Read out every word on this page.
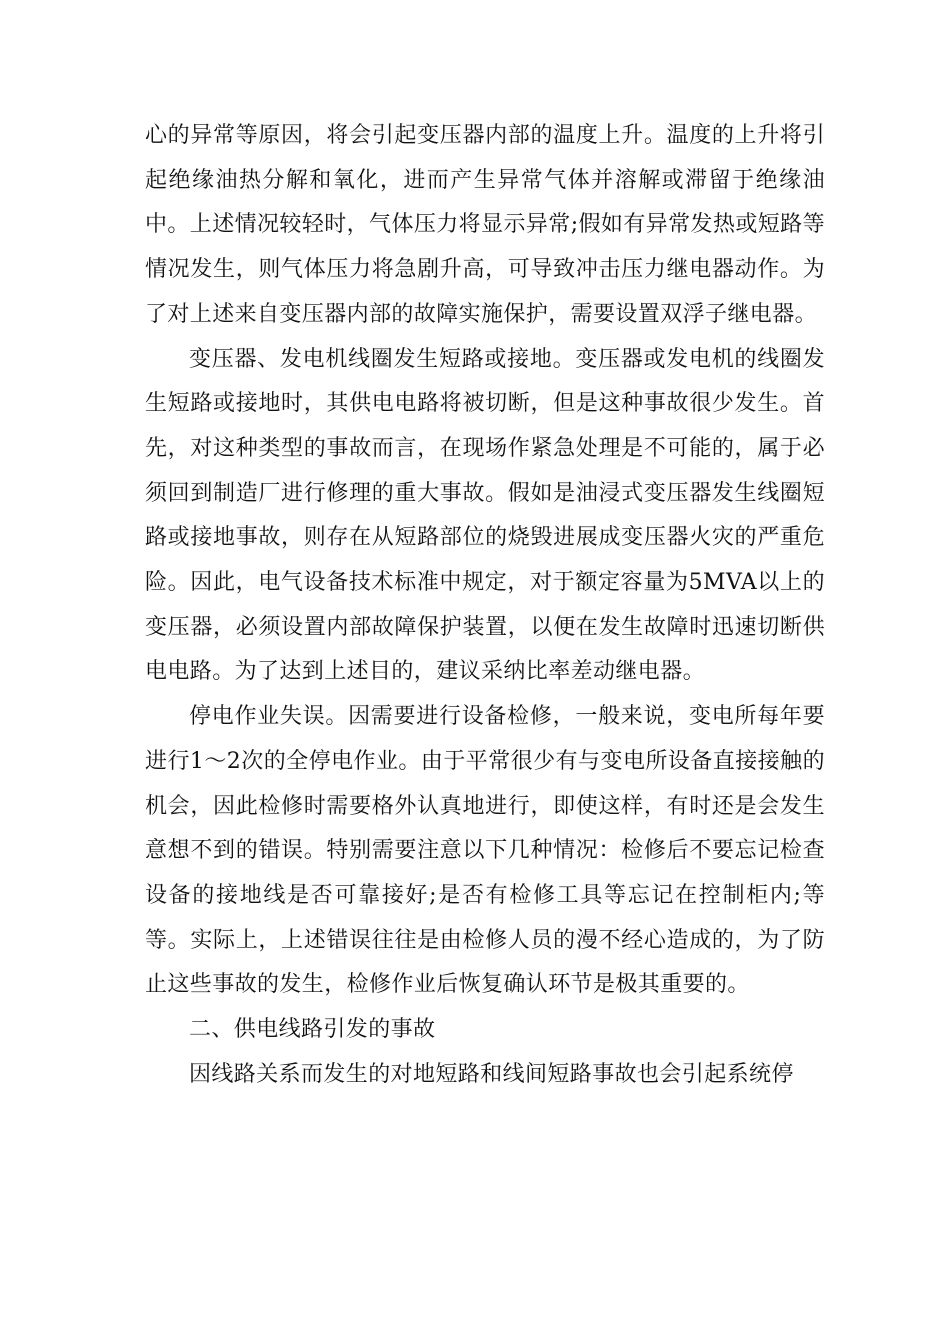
心的异常等原因，将会引起变压器内部的温度上升。温度的上升将引起绝缘油热分解和氧化，进而产生异常气体并溶解或滞留于绝缘油中。上述情况较轻时，气体压力将显示异常;假如有异常发热或短路等情况发生，则气体压力将急剧升高，可导致冲击压力继电器动作。为了对上述来自变压器内部的故障实施保护，需要设置双浮子继电器。

变压器、发电机线圈发生短路或接地。变压器或发电机的线圈发生短路或接地时，其供电电路将被切断，但是这种事故很少发生。首先，对这种类型的事故而言，在现场作紧急处理是不可能的，属于必须回到制造厂进行修理的重大事故。假如是油浸式变压器发生线圈短路或接地事故，则存在从短路部位的烧毁进展成变压器火灾的严重危险。因此，电气设备技术标准中规定，对于额定容量为5MVA以上的变压器，必须设置内部故障保护装置，以便在发生故障时迅速切断供电电路。为了达到上述目的，建议采纳比率差动继电器。

停电作业失误。因需要进行设备检修，一般来说，变电所每年要进行1～2次的全停电作业。由于平常很少有与变电所设备直接接触的机会，因此检修时需要格外认真地进行，即使这样，有时还是会发生意想不到的错误。特别需要注意以下几种情况：检修后不要忘记检查设备的接地线是否可靠接好;是否有检修工具等忘记在控制柜内;等等。实际上，上述错误往往是由检修人员的漫不经心造成的，为了防止这些事故的发生，检修作业后恢复确认环节是极其重要的。

二、供电线路引发的事故

因线路关系而发生的对地短路和线间短路事故也会引起系统停
